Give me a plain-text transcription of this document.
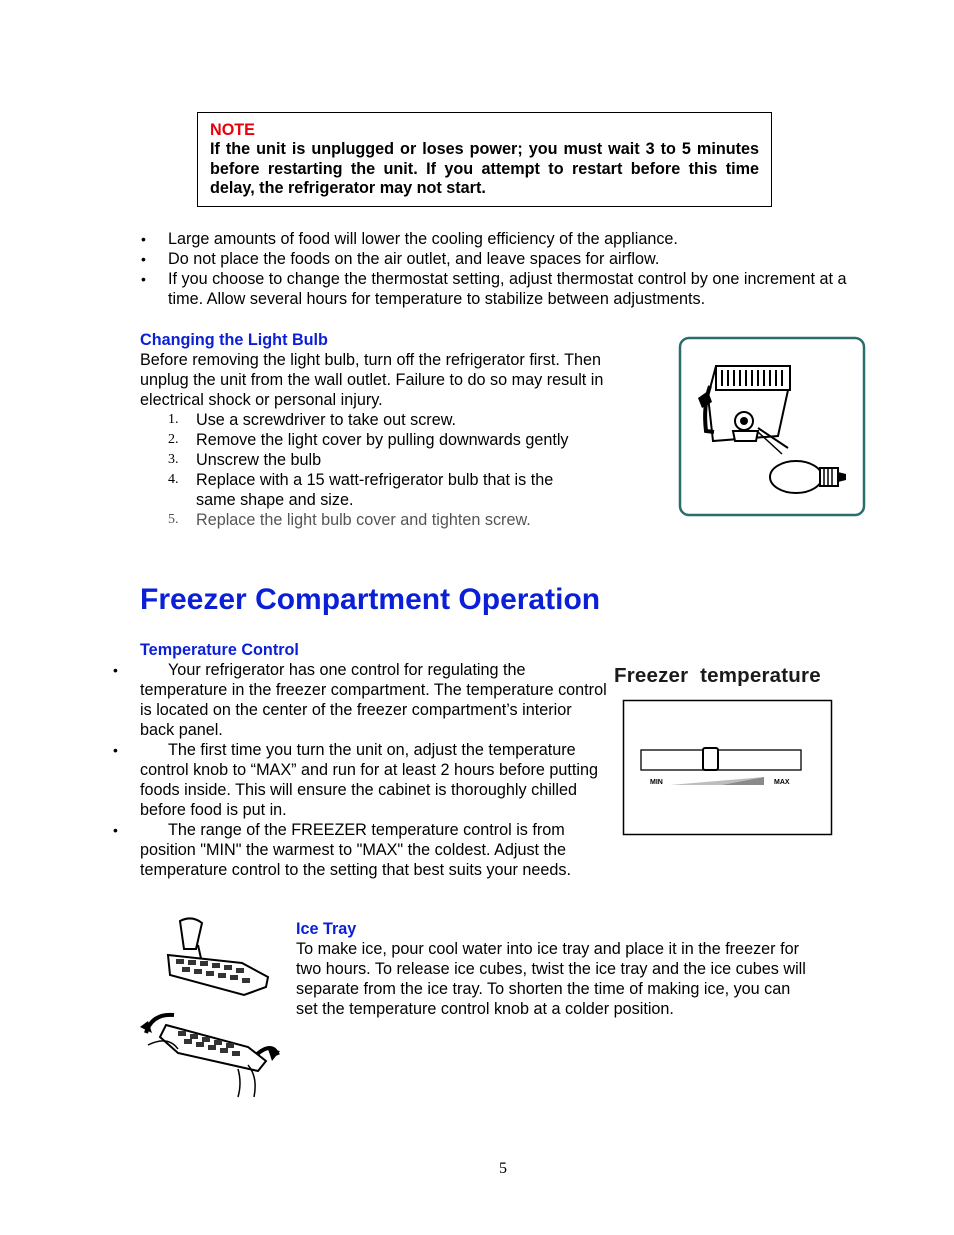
NOTE
If the unit is unplugged or loses power; you must wait 3 to 5 minutes before restarting the unit. If you attempt to restart before this time delay, the refrigerator may not start.
• Large amounts of food will lower the cooling efficiency of the appliance.
• Do not place the foods on the air outlet, and leave spaces for airflow.
• If you choose to change the thermostat setting, adjust thermostat control by one increment at a time. Allow several hours for temperature to stabilize between adjustments.
Changing the Light Bulb
Before removing the light bulb, turn off the refrigerator first. Then unplug the unit from the wall outlet. Failure to do so may result in electrical shock or personal injury.
1. Use a screwdriver to take out screw.
2. Remove the light cover by pulling downwards gently
3. Unscrew the bulb
4. Replace with a 15 watt-refrigerator bulb that is the same shape and size.
5. Replace the light bulb cover and tighten screw.
Freezer Compartment Operation
Temperature Control
•	Your refrigerator has one control for regulating the temperature in the freezer compartment. The temperature control is located on the center of the freezer compartment’s interior back panel.
•	The first time you turn the unit on, adjust the temperature control knob to “MAX” and run for at least 2 hours before putting foods inside. This will ensure the cabinet is thoroughly chilled before food is put in.
•	The range of the FREEZER temperature control is from position "MIN" the warmest to "MAX" the coldest. Adjust the temperature control to the setting that best suits your needs.
Freezer  temperature
MIN	MAX
Ice Tray
To make ice, pour cool water into ice tray and place it in the freezer for two hours. To release ice cubes, twist the ice tray and the ice cubes will separate from the ice tray. To shorten the time of making ice, you can set the temperature control knob at a colder position.
5
